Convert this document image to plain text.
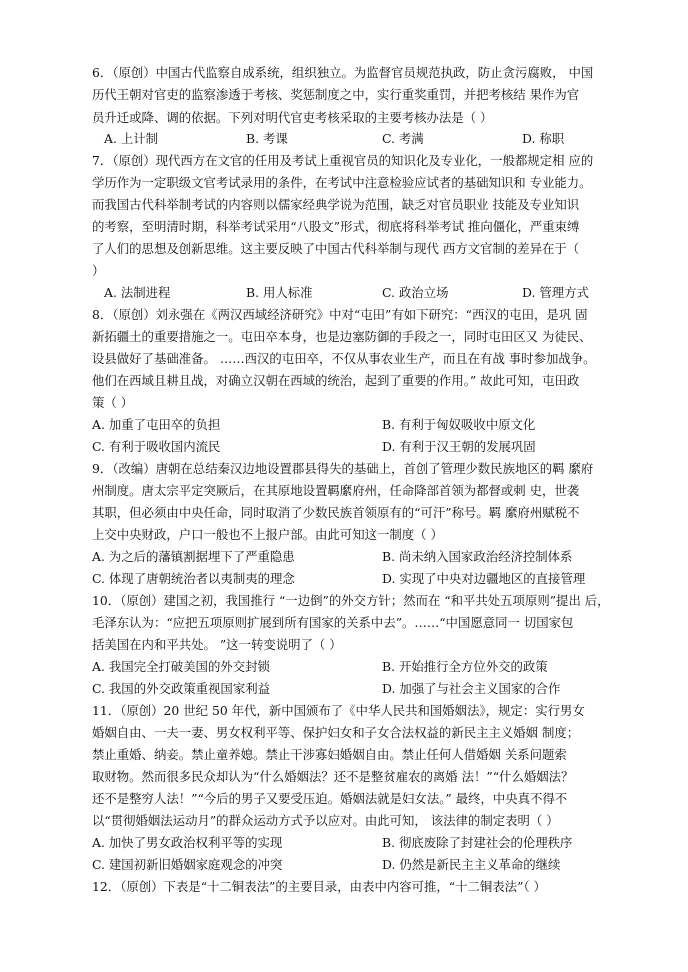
6．（原创）中国古代监察自成系统，组织独立。为监督官员规范执政，防止贪污腐败， 中国
历代王朝对官吏的监察渗透于考核、奖惩制度之中，实行重奖重罚，并把考核结 果作为官
员升迁或降、调的依据。下列对明代官吏考核采取的主要考核办法是（ ）
A. 上计制	B. 考课	C. 考满	D. 称职
7．（原创）现代西方在文官的任用及考试上重视官员的知识化及专业化，一般都规定相 应的
学历作为一定职级文官考试录用的条件，在考试中注意检验应试者的基础知识和 专业能力。
而我国古代科举制考试的内容则以儒家经典学说为范围，缺乏对官员职业 技能及专业知识
的考察，至明清时期，科举考试采用“八股文”形式，彻底将科举考试 推向僵化，严重束缚
了人们的思想及创新思维。这主要反映了中国古代科举制与现代 西方文官制的差异在于（
）
A. 法制进程	B. 用人标准	C. 政治立场	D. 管理方式
8．（原创）刘永强在《两汉西域经济研究》中对“屯田”有如下研究：“西汉的屯田，是巩 固
新拓疆土的重要措施之一。屯田卒本身，也是边塞防御的手段之一，同时屯田区又 为徒民、
设县做好了基础准备。 ……西汉的屯田卒，不仅从事农业生产，而且在有战 事时参加战争。
他们在西域且耕且战，对确立汉朝在西域的统治，起到了重要的作用。” 故此可知，屯田政
策（ ）
A. 加重了屯田卒的负担	B. 有利于匈奴吸收中原文化
C. 有利于吸收国内流民	D. 有利于汉王朝的发展巩固
9．（改编）唐朝在总结秦汉边地设置郡县得失的基础上，首创了管理少数民族地区的羁 縻府
州制度。唐太宗平定突厥后，在其原地设置羁縻府州，任命降部首领为都督或刺 史，世袭
其职，但必须由中央任命，同时取消了少数民族首领原有的“可汗”称号。羁 縻府州赋税不
上交中央财政，户口一般也不上报户部。由此可知这一制度（ ）
A. 为之后的藩镇割据埋下了严重隐患	B. 尚未纳入国家政治经济控制体系
C. 体现了唐朝统治者以夷制夷的理念	D. 实现了中央对边疆地区的直接管理
10．（原创）建国之初，我国推行 “一边倒”的外交方针；然而在 “和平共处五项原则”提出 后，
毛泽东认为：“应把五项原则扩展到所有国家的关系中去”。……“中国愿意同一 切国家包
括美国在内和平共处。 ”这一转变说明了（ ）
A. 我国完全打破美国的外交封锁	B. 开始推行全方位外交的政策
C. 我国的外交政策重视国家利益	D. 加强了与社会主义国家的合作
11．（原创）20 世纪 50 年代，新中国颁布了《中华人民共和国婚姻法》，规定：实行男女
婚姻自由、一夫一妻、男女权利平等、保护妇女和子女合法权益的新民主主义婚姻 制度；
禁止重婚、纳妾。禁止童养媳。禁止干涉寡妇婚姻自由。禁止任何人借婚姻 关系问题索
取财物。然而很多民众却认为“什么婚姻法？还不是整贫雇农的离婚 法！”“什么婚姻法？
还不是整穷人法！”“今后的男子又要受压迫。婚姻法就是妇女法。” 最终，中央真不得不
以“贯彻婚姻法运动月”的群众运动方式予以应对。由此可知， 该法律的制定表明（ ）
A. 加快了男女政治权利平等的实现	B. 彻底废除了封建社会的伦理秩序
C. 建国初新旧婚姻家庭观念的冲突	D. 仍然是新民主主义革命的继续
12．（原创）下表是“十二铜表法”的主要目录，由表中内容可推，“十二铜表法”（ ）
